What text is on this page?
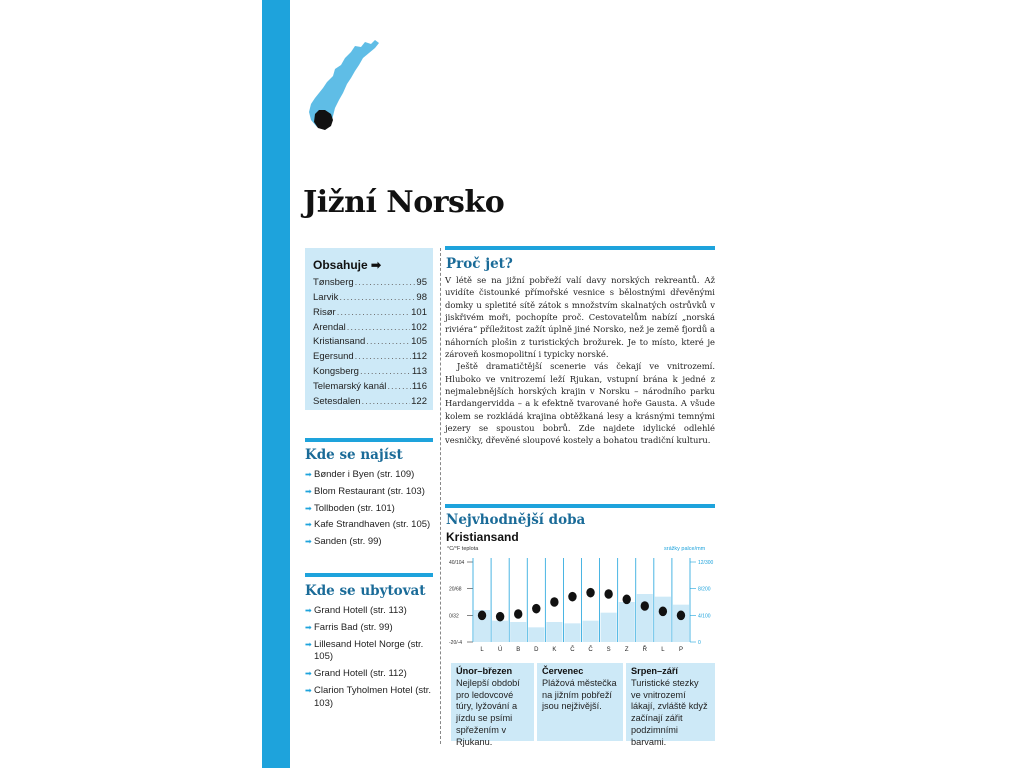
Jižní Norsko
Obsahuje ➡
Tønsberg .....	95
Larvik .....	98
Risør .....	101
Arendal .....	102
Kristiansand .....	105
Egersund .....	112
Kongsberg .....	113
Telemarský kanál .....	116
Setesdalen .....	122
Kde se najíst
➡ Bønder i Byen (str. 109)
➡ Blom Restaurant (str. 103)
➡ Tollboden (str. 101)
➡ Kafe Strandhaven (str. 105)
➡ Sanden (str. 99)
Kde se ubytovat
➡ Grand Hotell (str. 113)
➡ Farris Bad (str. 99)
➡ Lillesand Hotel Norge (str. 105)
➡ Grand Hotell (str. 112)
➡ Clarion Tyholmen Hotel (str. 103)
Proč jet?

V létě se na jižní pobřeží valí davy norských rekreantů. Až uvidíte čistounké přímořské vesnice s bělostnými dřevěnými domky u spletité sítě zátok s množstvím skalnatých ostrůvků v jiskřivém moři, pochopíte proč. Cestovatelům nabízí „norská riviéra“ příležitost zažít úplně jiné Norsko, než je země fjordů a náhorních plošin z turistických brožurek. Je to místo, které je zároveň kosmopolitní i typicky norské.

Ještě dramatičtější scenerie vás čekají ve vnitrozemí. Hluboko ve vnitrozemí leží Rjukan, vstupní brána k jedné z nejmalebnějších horských krajin v Norsku – národního parku Hardangervidda – a k efektně tvarované hoře Gausta. A všude kolem se rozkládá krajina obtěžkaná lesy a krásnými temnými jezery se spoustou bobrů. Zde najdete idylické odlehlé vesničky, dřevěné sloupové kostely a bohatou tradiční kulturu.

Nejvhodnější doba
Kristiansand
°C/°F teplota	srážky palce/mm
40/104
20/68
0/32
-20/-4
12/300
8/200
4/100
0
L Ú B D K Č Č S Z Ř L P
Únor–březen Nejlepší období pro ledovcové túry, lyžování a jízdu se psími spřežením v Rjukanu.
Červenec Plážová městečka na jižním pobřeží jsou nejživější.
Srpen–září Turistické stezky ve vnitrozemí lákají, zvláště když začínají zářit podzimními barvami.
